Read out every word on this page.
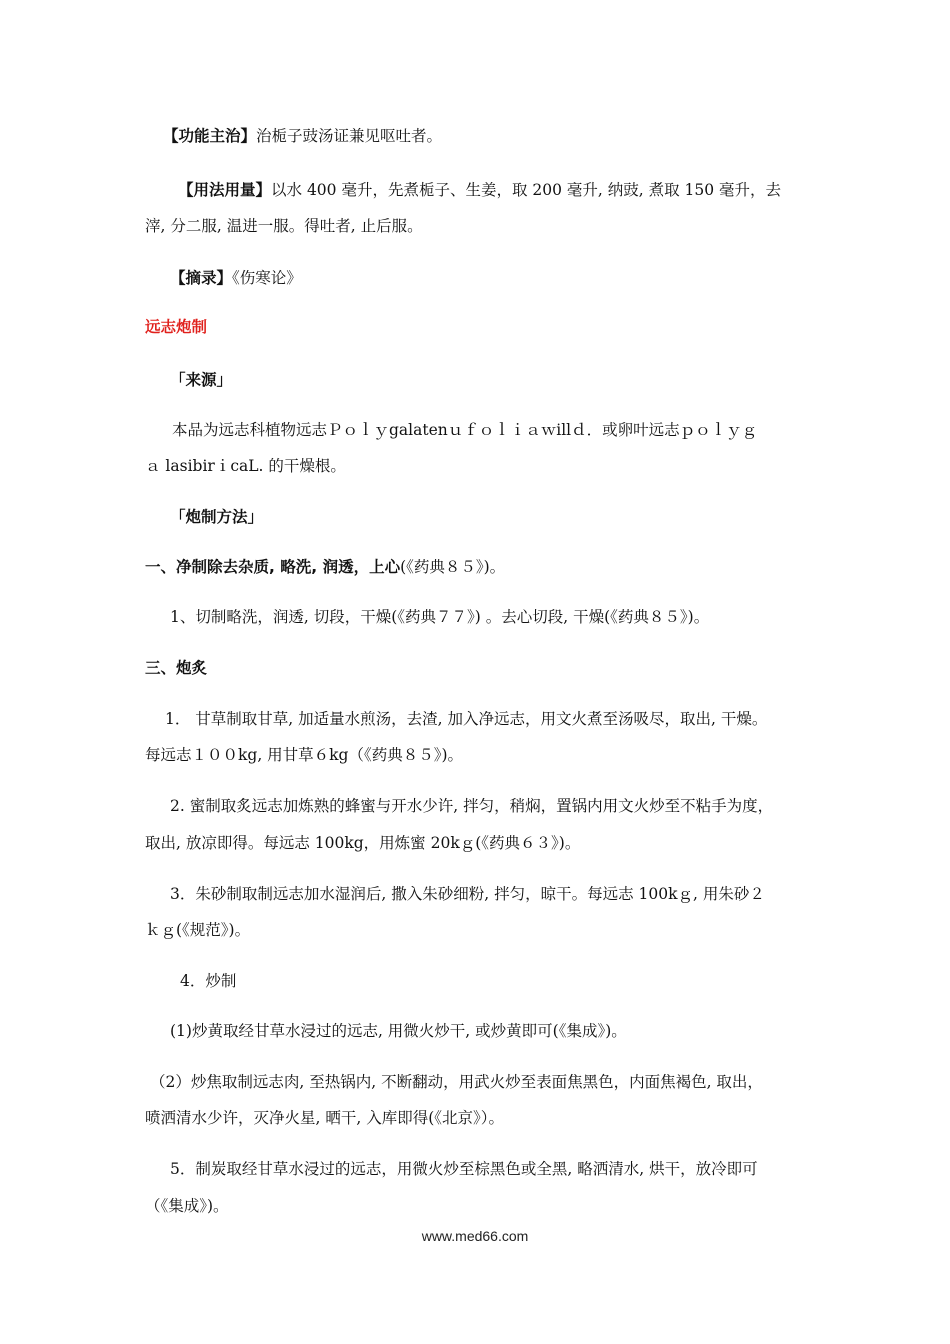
【功能主治】治栀子豉汤证兼见呕吐者。
【用法用量】以水 400 毫升，先煮栀子、生姜，取 200 毫升, 纳豉, 煮取 150 毫升，去
滓, 分二服, 温进一服。得吐者, 止后服。
【摘录】《伤寒论》
远志炮制
「来源」
本品为远志科植物远志Ｐｏｌｙgalatenｕｆｏｌｉａｗillｄ．或卵叶远志ｐｏｌｙｇ
ａ lasibirｉcaL. 的干燥根。
「炮制方法」
一、净制除去杂质, 略洗, 润透，上心(《药典８５》)。
1、切制略洗，润透, 切段，干燥(《药典７７》) 。去心切段, 干燥(《药典８５》)。
三、炮炙
1． 甘草制取甘草, 加适量水煎汤，去渣, 加入净远志，用文火煮至汤吸尽，取出, 干燥。
每远志１００kg, 用甘草６kg（《药典８５》)。
2. 蜜制取炙远志加炼熟的蜂蜜与开水少许, 拌匀，稍焖，置锅内用文火炒至不粘手为度，
取出, 放凉即得。每远志 100kg，用炼蜜 20kｇ(《药典６３》)。
3．朱砂制取制远志加水湿润后, 撒入朱砂细粉, 拌匀，晾干。每远志 100kｇ, 用朱砂２
ｋｇ(《规范》)。
4．炒制
(1)炒黄取经甘草水浸过的远志, 用微火炒干, 或炒黄即可(《集成》)。
（2）炒焦取制远志肉, 至热锅内, 不断翻动，用武火炒至表面焦黑色，内面焦褐色, 取出，
喷洒清水少许，灭净火星, 晒干, 入库即得(《北京》）。
5．制炭取经甘草水浸过的远志，用微火炒至棕黑色或全黑, 略洒清水, 烘干，放冷即可
（《集成》)。
www.med66.com
